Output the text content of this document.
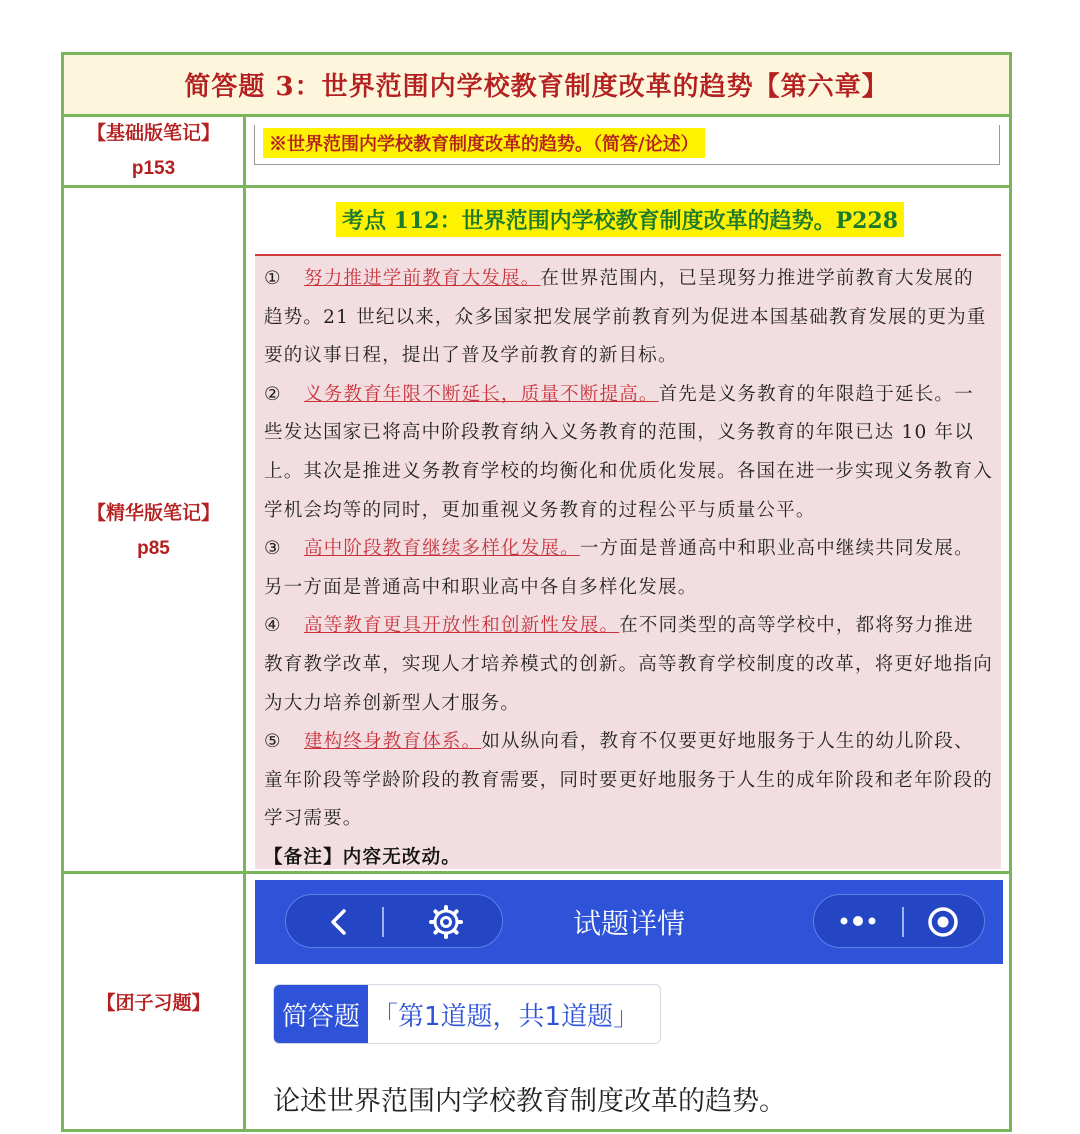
简答题 3：世界范围内学校教育制度改革的趋势【第六章】
【基础版笔记】
p153
【精华版笔记】
p85
【团子习题】
※世界范围内学校教育制度改革的趋势。（简答/论述）
考点 112：世界范围内学校教育制度改革的趋势。P228

① 努力推进学前教育大发展。在世界范围内，已呈现努力推进学前教育大发展的趋势。21 世纪以来，众多国家把发展学前教育列为促进本国基础教育发展的更为重要的议事日程，提出了普及学前教育的新目标。

② 义务教育年限不断延长，质量不断提高。首先是义务教育的年限趋于延长。一些发达国家已将高中阶段教育纳入义务教育的范围，义务教育的年限已达 10 年以上。其次是推进义务教育学校的均衡化和优质化发展。各国在进一步实现义务教育入学机会均等的同时，更加重视义务教育的过程公平与质量公平。

③ 高中阶段教育继续多样化发展。一方面是普通高中和职业高中继续共同发展。另一方面是普通高中和职业高中各自多样化发展。

④ 高等教育更具开放性和创新性发展。在不同类型的高等学校中，都将努力推进教育教学改革，实现人才培养模式的创新。高等教育学校制度的改革，将更好地指向为大力培养创新型人才服务。

⑤ 建构终身教育体系。如从纵向看，教育不仅要更好地服务于人生的幼儿阶段、童年阶段等学龄阶段的教育需要，同时要更好地服务于人生的成年阶段和老年阶段的学习需要。

【备注】内容无改动。

试题详情
简答题 「第1道题，共1道题」
论述世界范围内学校教育制度改革的趋势。
